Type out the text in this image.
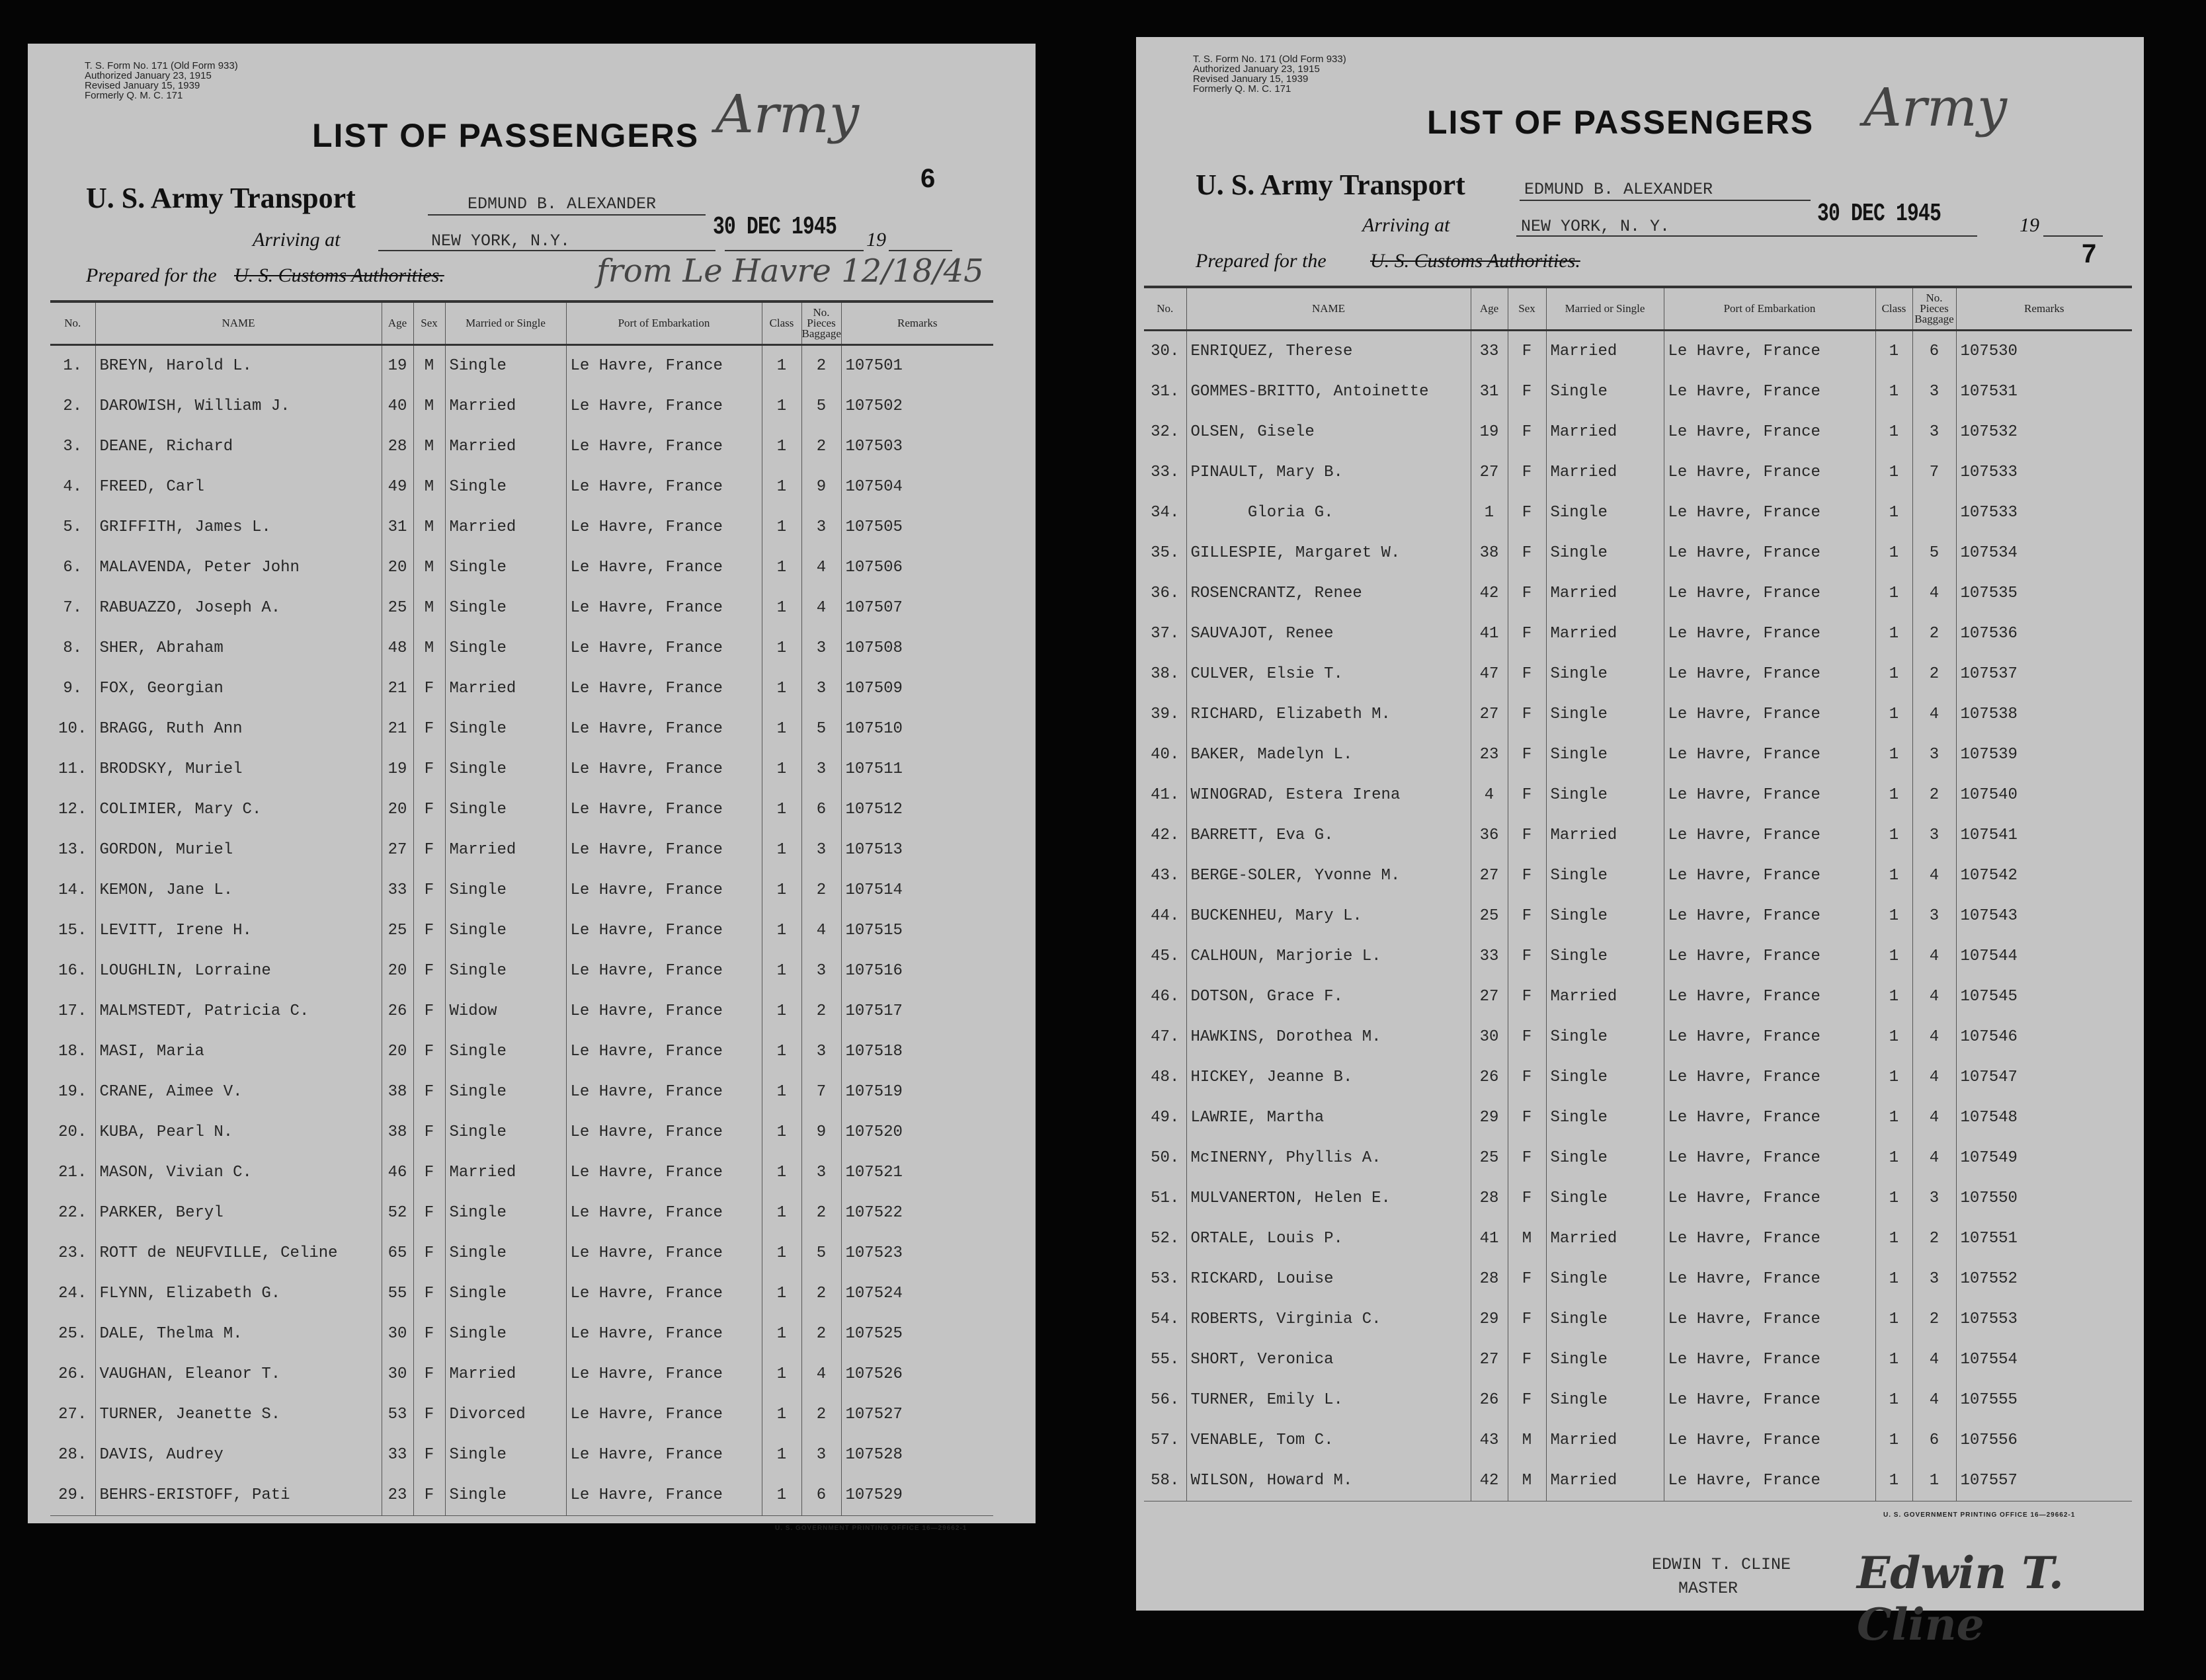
T. S. Form No. 171 (Old Form 933)
Authorized January 23, 1915
Revised January 15, 1939
Formerly Q. M. C. 171
LIST OF PASSENGERS Army
6
U. S. Army Transport	EDMUND B. ALEXANDER
Arriving at	NEW YORK, N.Y.	30 DEC 1945 19
Prepared for the U. S. Customs Authorities.	from Le Havre 12/18/45
No.	NAME	Age	Sex	Married or Single	Port of Embarkation	Class	No. Pieces Baggage	Remarks
1.	BREYN, Harold L.	19	M	Single	Le Havre, France	1	2	107501
2.	DAROWISH, William J.	40	M	Married	Le Havre, France	1	5	107502
3.	DEANE, Richard	28	M	Married	Le Havre, France	1	2	107503
4.	FREED, Carl	49	M	Single	Le Havre, France	1	9	107504
5.	GRIFFITH, James L.	31	M	Married	Le Havre, France	1	3	107505
6.	MALAVENDA, Peter John	20	M	Single	Le Havre, France	1	4	107506
7.	RABUAZZO, Joseph A.	25	M	Single	Le Havre, France	1	4	107507
8.	SHER, Abraham	48	M	Single	Le Havre, France	1	3	107508
9.	FOX, Georgian	21	F	Married	Le Havre, France	1	3	107509
10.	BRAGG, Ruth Ann	21	F	Single	Le Havre, France	1	5	107510
11.	BRODSKY, Muriel	19	F	Single	Le Havre, France	1	3	107511
12.	COLIMIER, Mary C.	20	F	Single	Le Havre, France	1	6	107512
13.	GORDON, Muriel	27	F	Married	Le Havre, France	1	3	107513
14.	KEMON, Jane L.	33	F	Single	Le Havre, France	1	2	107514
15.	LEVITT, Irene H.	25	F	Single	Le Havre, France	1	4	107515
16.	LOUGHLIN, Lorraine	20	F	Single	Le Havre, France	1	3	107516
17.	MALMSTEDT, Patricia C.	26	F	Widow	Le Havre, France	1	2	107517
18.	MASI, Maria	20	F	Single	Le Havre, France	1	3	107518
19.	CRANE, Aimee V.	38	F	Single	Le Havre, France	1	7	107519
20.	KUBA, Pearl N.	38	F	Single	Le Havre, France	1	9	107520
21.	MASON, Vivian C.	46	F	Married	Le Havre, France	1	3	107521
22.	PARKER, Beryl	52	F	Single	Le Havre, France	1	2	107522
23.	ROTT de NEUFVILLE, Celine	65	F	Single	Le Havre, France	1	5	107523
24.	FLYNN, Elizabeth G.	55	F	Single	Le Havre, France	1	2	107524
25.	DALE, Thelma M.	30	F	Single	Le Havre, France	1	2	107525
26.	VAUGHAN, Eleanor T.	30	F	Married	Le Havre, France	1	4	107526
27.	TURNER, Jeanette S.	53	F	Divorced	Le Havre, France	1	2	107527
28.	DAVIS, Audrey	33	F	Single	Le Havre, France	1	3	107528
29.	BEHRS-ERISTOFF, Pati	23	F	Single	Le Havre, France	1	6	107529
U. S. GOVERNMENT PRINTING OFFICE 16—29662-1
T. S. Form No. 171 (Old Form 933)
Authorized January 23, 1915
Revised January 15, 1939
Formerly Q. M. C. 171
LIST OF PASSENGERS Army
7
U. S. Army Transport	EDMUND B. ALEXANDER
Arriving at	NEW YORK, N. Y.	30 DEC 1945	19
Prepared for the U. S. Customs Authorities.
No.	NAME	Age	Sex	Married or Single	Port of Embarkation	Class	No. Pieces Baggage	Remarks
30.	ENRIQUEZ, Therese	33	F	Married	Le Havre, France	1	6	107530
31.	GOMMES-BRITTO, Antoinette	31	F	Single	Le Havre, France	1	3	107531
32.	OLSEN, Gisele	19	F	Married	Le Havre, France	1	3	107532
33.	PINAULT, Mary B.	27	F	Married	Le Havre, France	1	7	107533
34.	Gloria G.	1	F	Single	Le Havre, France	1		107533
35.	GILLESPIE, Margaret W.	38	F	Single	Le Havre, France	1	5	107534
36.	ROSENCRANTZ, Renee	42	F	Married	Le Havre, France	1	4	107535
37.	SAUVAJOT, Renee	41	F	Married	Le Havre, France	1	2	107536
38.	CULVER, Elsie T.	47	F	Single	Le Havre, France	1	2	107537
39.	RICHARD, Elizabeth M.	27	F	Single	Le Havre, France	1	4	107538
40.	BAKER, Madelyn L.	23	F	Single	Le Havre, France	1	3	107539
41.	WINOGRAD, Estera Irena	4	F	Single	Le Havre, France	1	2	107540
42.	BARRETT, Eva G.	36	F	Married	Le Havre, France	1	3	107541
43.	BERGE-SOLER, Yvonne M.	27	F	Single	Le Havre, France	1	4	107542
44.	BUCKENHEU, Mary L.	25	F	Single	Le Havre, France	1	3	107543
45.	CALHOUN, Marjorie L.	33	F	Single	Le Havre, France	1	4	107544
46.	DOTSON, Grace F.	27	F	Married	Le Havre, France	1	4	107545
47.	HAWKINS, Dorothea M.	30	F	Single	Le Havre, France	1	4	107546
48.	HICKEY, Jeanne B.	26	F	Single	Le Havre, France	1	4	107547
49.	LAWRIE, Martha	29	F	Single	Le Havre, France	1	4	107548
50.	McINERNY, Phyllis A.	25	F	Single	Le Havre, France	1	4	107549
51.	MULVANERTON, Helen E.	28	F	Single	Le Havre, France	1	3	107550
52.	ORTALE, Louis P.	41	M	Married	Le Havre, France	1	2	107551
53.	RICKARD, Louise	28	F	Single	Le Havre, France	1	3	107552
54.	ROBERTS, Virginia C.	29	F	Single	Le Havre, France	1	2	107553
55.	SHORT, Veronica	27	F	Single	Le Havre, France	1	4	107554
56.	TURNER, Emily L.	26	F	Single	Le Havre, France	1	4	107555
57.	VENABLE, Tom C.	43	M	Married	Le Havre, France	1	6	107556
58.	WILSON, Howard M.	42	M	Married	Le Havre, France	1	1	107557
U. S. GOVERNMENT PRINTING OFFICE 16—29662-1
EDWIN T. CLINE
MASTER	Edwin T. Cline
